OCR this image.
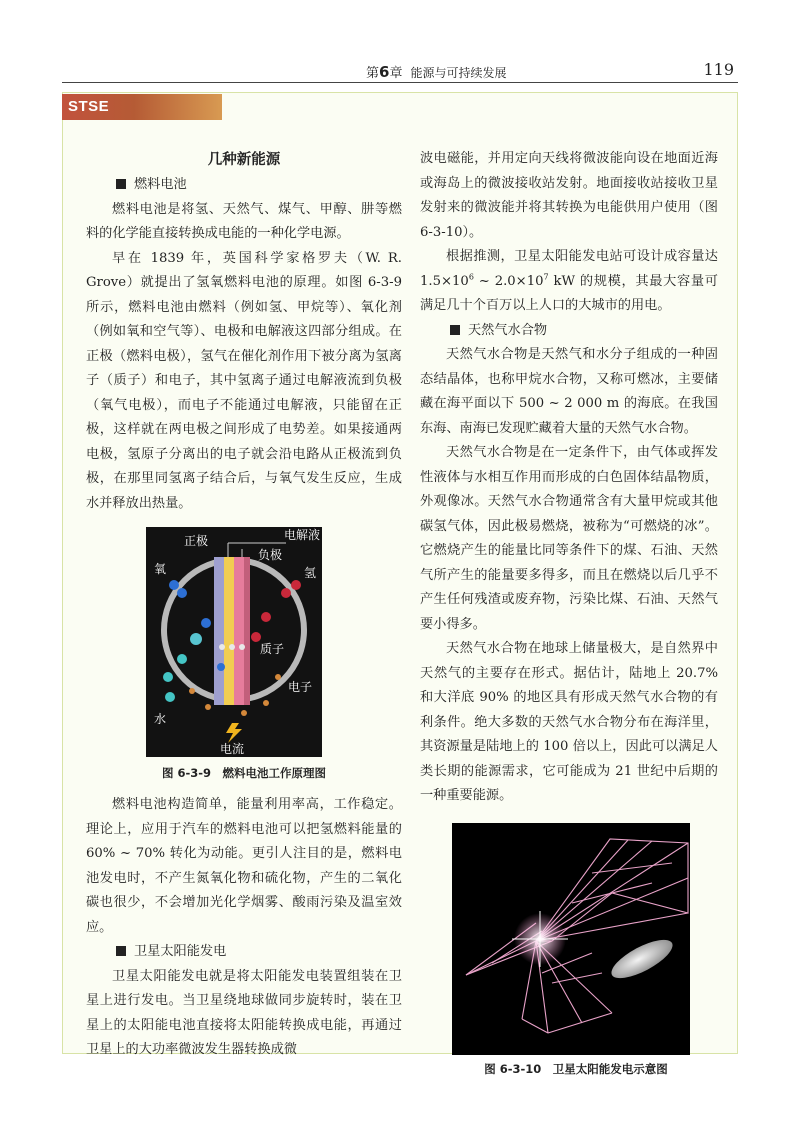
第6章 能源与可持续发展	119
STSE
几种新能源
燃料电池
燃料电池是将氢、天然气、煤气、甲醇、肼等燃料的化学能直接转换成电能的一种化学电源。
早在 1839 年，英国科学家格罗夫（W. R. Grove）就提出了氢氧燃料电池的原理。如图 6-3-9 所示，燃料电池由燃料（例如氢、甲烷等）、氧化剂（例如氧和空气等）、电极和电解液这四部分组成。在正极（燃料电极），氢气在催化剂作用下被分离为氢离子（质子）和电子，其中氢离子通过电解液流到负极（氧气电极），而电子不能通过电解液，只能留在正极，这样就在两电极之间形成了电势差。如果接通两电极，氢原子分离出的电子就会沿电路从正极流到负极，在那里同氢离子结合后，与氧气发生反应，生成水并释放出热量。
正极	电解液
负极
氧	氢
质子
电子
水
电流
图 6-3-9　燃料电池工作原理图
燃料电池构造简单，能量利用率高，工作稳定。理论上，应用于汽车的燃料电池可以把氢燃料能量的 60% ~ 70% 转化为动能。更引人注目的是，燃料电池发电时，不产生氮氧化物和硫化物，产生的二氧化碳也很少，不会增加光化学烟雾、酸雨污染及温室效应。
卫星太阳能发电
卫星太阳能发电就是将太阳能发电装置组装在卫星上进行发电。当卫星绕地球做同步旋转时，装在卫星上的太阳能电池直接将太阳能转换成电能，再通过卫星上的大功率微波发生器转换成微
波电磁能，并用定向天线将微波能向设在地面近海或海岛上的微波接收站发射。地面接收站接收卫星发射来的微波能并将其转换为电能供用户使用（图 6-3-10）。
根据推测，卫星太阳能发电站可设计成容量达 $1.5\times 10^6$ ~ $2.0\times 10^7$ kW 的规模，其最大容量可满足几十个百万以上人口的大城市的用电。
天然气水合物
天然气水合物是天然气和水分子组成的一种固态结晶体，也称甲烷水合物，又称可燃冰，主要储藏在海平面以下 500 ~ 2 000 m 的海底。在我国东海、南海已发现贮藏着大量的天然气水合物。
天然气水合物是在一定条件下，由气体或挥发性液体与水相互作用而形成的白色固体结晶物质，外观像冰。天然气水合物通常含有大量甲烷或其他碳氢气体，因此极易燃烧，被称为“可燃烧的冰”。它燃烧产生的能量比同等条件下的煤、石油、天然气所产生的能量要多得多，而且在燃烧以后几乎不产生任何残渣或废弃物，污染比煤、石油、天然气要小得多。
天然气水合物在地球上储量极大，是自然界中天然气的主要存在形式。据估计，陆地上 20.7% 和大洋底 90% 的地区具有形成天然气水合物的有利条件。绝大多数的天然气水合物分布在海洋里，其资源量是陆地上的 100 倍以上，因此可以满足人类长期的能源需求，它可能成为 21 世纪中后期的一种重要能源。
图 6-3-10　卫星太阳能发电示意图
